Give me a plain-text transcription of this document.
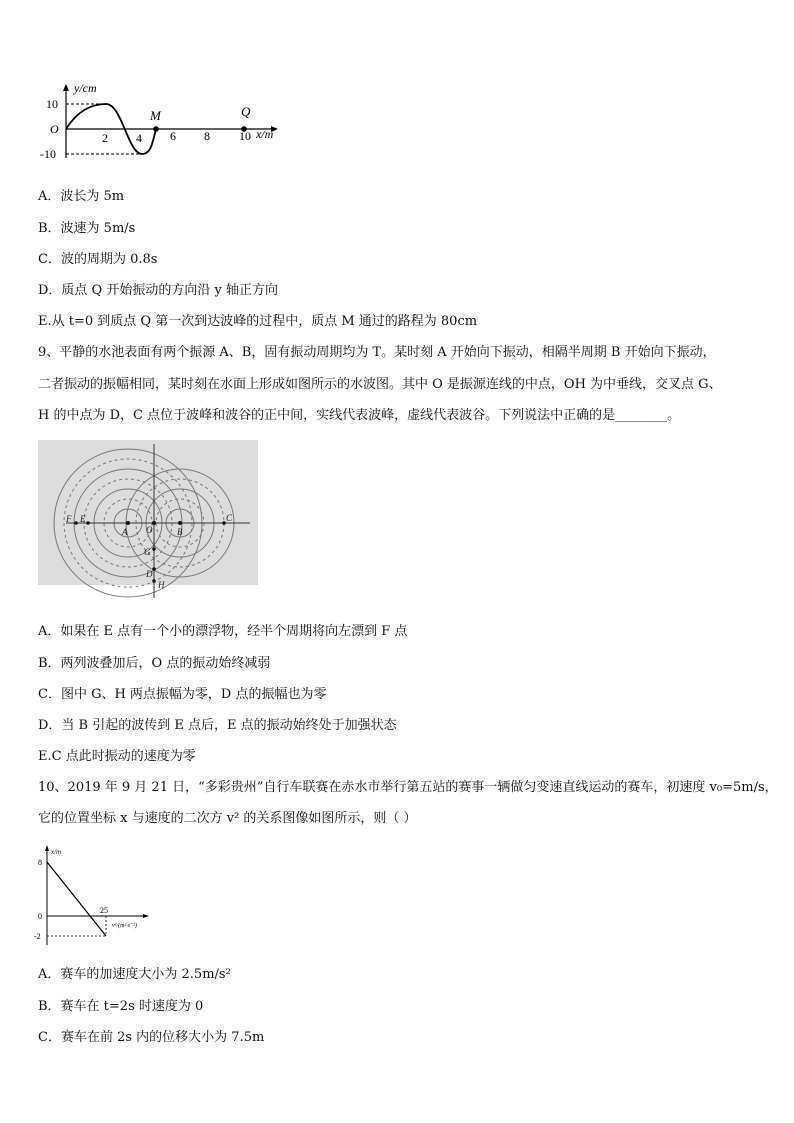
y/cm
10
O
-10
2 4 6 8 10 x/m
M	Q
A．波长为 5m
B．波速为 5m/s
C．波的周期为 0.8s
D．质点 Q 开始振动的方向沿 y 轴正方向
E.从 t=0 到质点 Q 第一次到达波峰的过程中，质点 M 通过的路程为 80cm
9、平静的水池表面有两个振源 A、B，固有振动周期均为 T。某时刻 A 开始向下振动，相隔半周期 B 开始向下振动，
二者振动的振幅相同，某时刻在水面上形成如图所示的水波图。其中 O 是振源连线的中点，OH 为中垂线，交叉点 G、
H 的中点为 D，C 点位于波峰和波谷的正中间，实线代表波峰，虚线代表波谷。下列说法中正确的是________。
F E
A O	B
C
G
D
H
A．如果在 E 点有一个小的漂浮物，经半个周期将向左漂到 F 点
B．两列波叠加后，O 点的振动始终减弱
C．图中 G、H 两点振幅为零，D 点的振幅也为零
D．当 B 引起的波传到 E 点后，E 点的振动始终处于加强状态
E.C 点此时振动的速度为零
10、2019 年 9 月 21 日，“多彩贵州”自行车联赛在赤水市举行第五站的赛事一辆做匀变速直线运动的赛车，初速度 v₀=5m/s，
它的位置坐标 x 与速度的二次方 v² 的关系图像如图所示，则（ ）
x/m
8
0
-2
25
v²/(m²·s⁻²)
A．赛车的加速度大小为 2.5m/s²
B．赛车在 t=2s 时速度为 0
C．赛车在前 2s 内的位移大小为 7.5m
